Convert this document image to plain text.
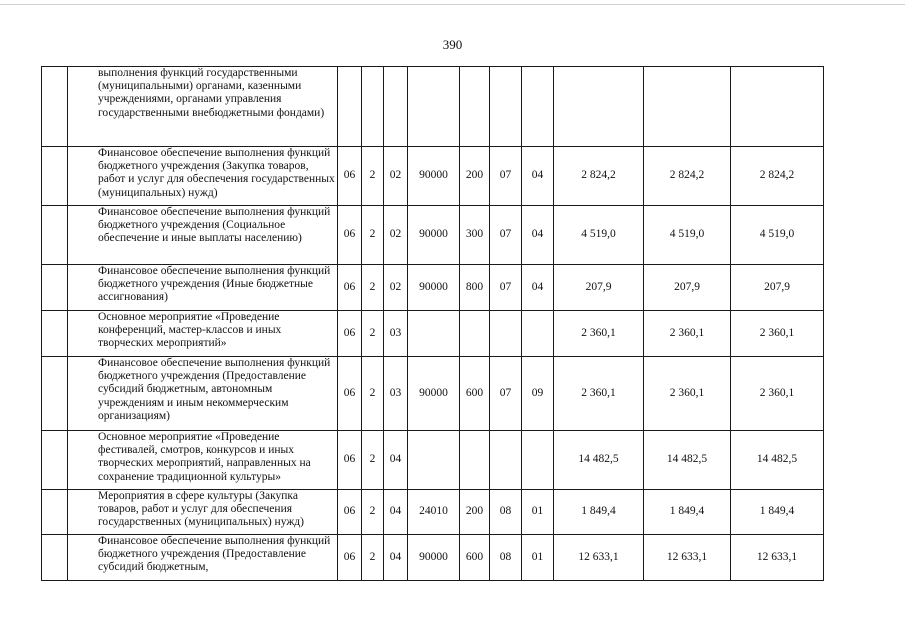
390
	выполнения функций государственными (муниципальными) органами, казенными учреждениями, органами управления государственными внебюджетными фондами)										
	Финансовое обеспечение выполнения функций бюджетного учреждения (Закупка товаров, работ и услуг для обеспечения государственных (муниципальных) нужд)	06	2	02	90000	200	07	04	2 824,2	2 824,2	2 824,2
	Финансовое обеспечение выполнения функций бюджетного учреждения (Социальное обеспечение и иные выплаты населению)	06	2	02	90000	300	07	04	4 519,0	4 519,0	4 519,0
	Финансовое обеспечение выполнения функций бюджетного учреждения (Иные бюджетные ассигнования)	06	2	02	90000	800	07	04	207,9	207,9	207,9
	Основное мероприятие «Проведение конференций, мастер-классов и иных творческих мероприятий»	06	2	03					2 360,1	2 360,1	2 360,1
	Финансовое обеспечение выполнения функций бюджетного учреждения (Предоставление субсидий бюджетным, автономным учреждениям и иным некоммерческим организациям)	06	2	03	90000	600	07	09	2 360,1	2 360,1	2 360,1
	Основное мероприятие «Проведение фестивалей, смотров, конкурсов и иных творческих мероприятий, направленных на сохранение традиционной культуры»	06	2	04					14 482,5	14 482,5	14 482,5
	Мероприятия в сфере культуры (Закупка товаров, работ и услуг для обеспечения государственных (муниципальных) нужд)	06	2	04	24010	200	08	01	1 849,4	1 849,4	1 849,4
	Финансовое обеспечение выполнения функций бюджетного учреждения (Предоставление субсидий бюджетным,	06	2	04	90000	600	08	01	12 633,1	12 633,1	12 633,1
